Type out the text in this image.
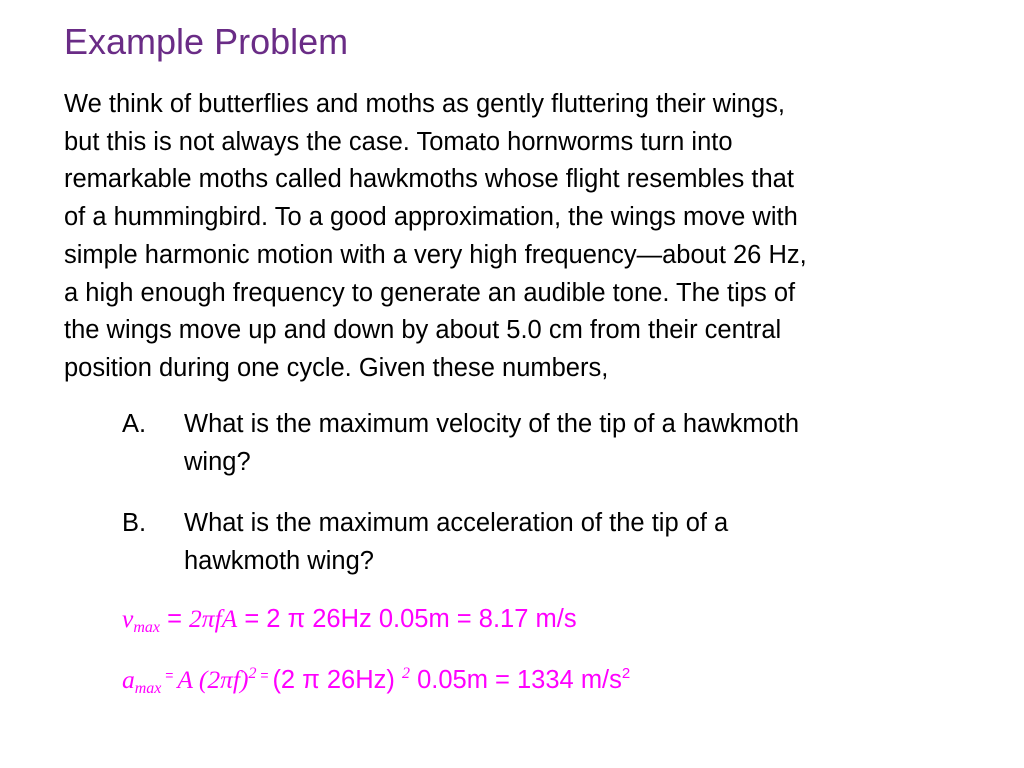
Example Problem
We think of butterflies and moths as gently fluttering their wings,
but this is not always the case. Tomato hornworms turn into
remarkable moths called hawkmoths whose flight resembles that
of a hummingbird. To a good approximation, the wings move with
simple harmonic motion with a very high frequency—about 26 Hz,
a high enough frequency to generate an audible tone. The tips of
the wings move up and down by about 5.0 cm from their central
position during one cycle. Given these numbers,
A. What is the maximum velocity of the tip of a hawkmoth
wing?
B. What is the maximum acceleration of the tip of a
hawkmoth wing?
vmax = 2πfA = 2 π 26Hz 0.05m = 8.17 m/s
amax = A $(2\pi f)^2$ = (2 π 26Hz) $^2$ 0.05m = 1334 $m/s^2$
